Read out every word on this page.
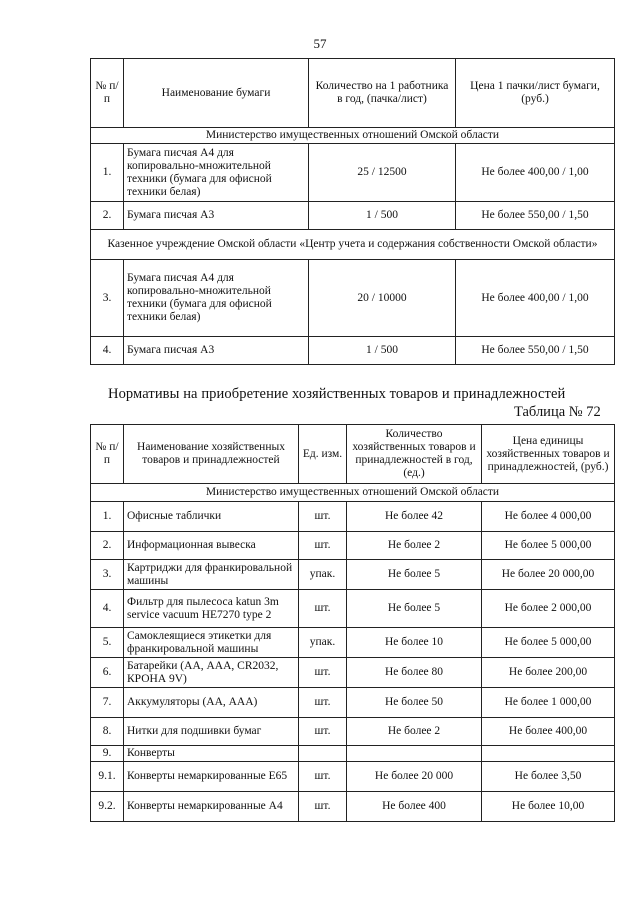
57
№ п/п	Наименование бумаги	Количество на 1 работника в год, (пачка/лист)	Цена 1 пачки/лист бумаги, (руб.)
Министерство имущественных отношений Омской области			
1.	Бумага писчая А4 для копировально-множительной техники (бумага для офисной техники белая)	25 / 12500	Не более 400,00 / 1,00
2.	Бумага писчая А3	1 / 500	Не более 550,00 / 1,50
Казенное учреждение Омской области «Центр учета и содержания собственности Омской области»			
3.	Бумага писчая А4 для копировально-множительной техники (бумага для офисной техники белая)	20 / 10000	Не более 400,00 / 1,00
4.	Бумага писчая А3	1 / 500	Не более 550,00 / 1,50
Нормативы на приобретение хозяйственных товаров и принадлежностей
Таблица № 72
№ п/п	Наименование хозяйственных товаров и принадлежностей	Ед. изм.	Количество хозяйственных товаров и принадлежностей в год, (ед.)	Цена единицы хозяйственных товаров и принадлежностей, (руб.)
Министерство имущественных отношений Омской области				
1.	Офисные таблички	шт.	Не более 42	Не более 4 000,00
2.	Информационная вывеска	шт.	Не более 2	Не более 5 000,00
3.	Картриджи для франкировальной машины	упак.	Не более 5	Не более 20 000,00
4.	Фильтр для пылесоса katun 3m service vacuum HE7270 type 2	шт.	Не более 5	Не более 2 000,00
5.	Самоклеящиеся этикетки для франкировальной машины	упак.	Не более 10	Не более 5 000,00
6.	Батарейки (АА, ААА, CR2032, КРОНА 9V)	шт.	Не более 80	Не более 200,00
7.	Аккумуляторы (АА, ААА)	шт.	Не более 50	Не более 1 000,00
8.	Нитки для подшивки бумаг	шт.	Не более 2	Не более 400,00
9.	Конверты			
9.1.	Конверты немаркированные Е65	шт.	Не более 20 000	Не более 3,50
9.2.	Конверты немаркированные А4	шт.	Не более 400	Не более 10,00
